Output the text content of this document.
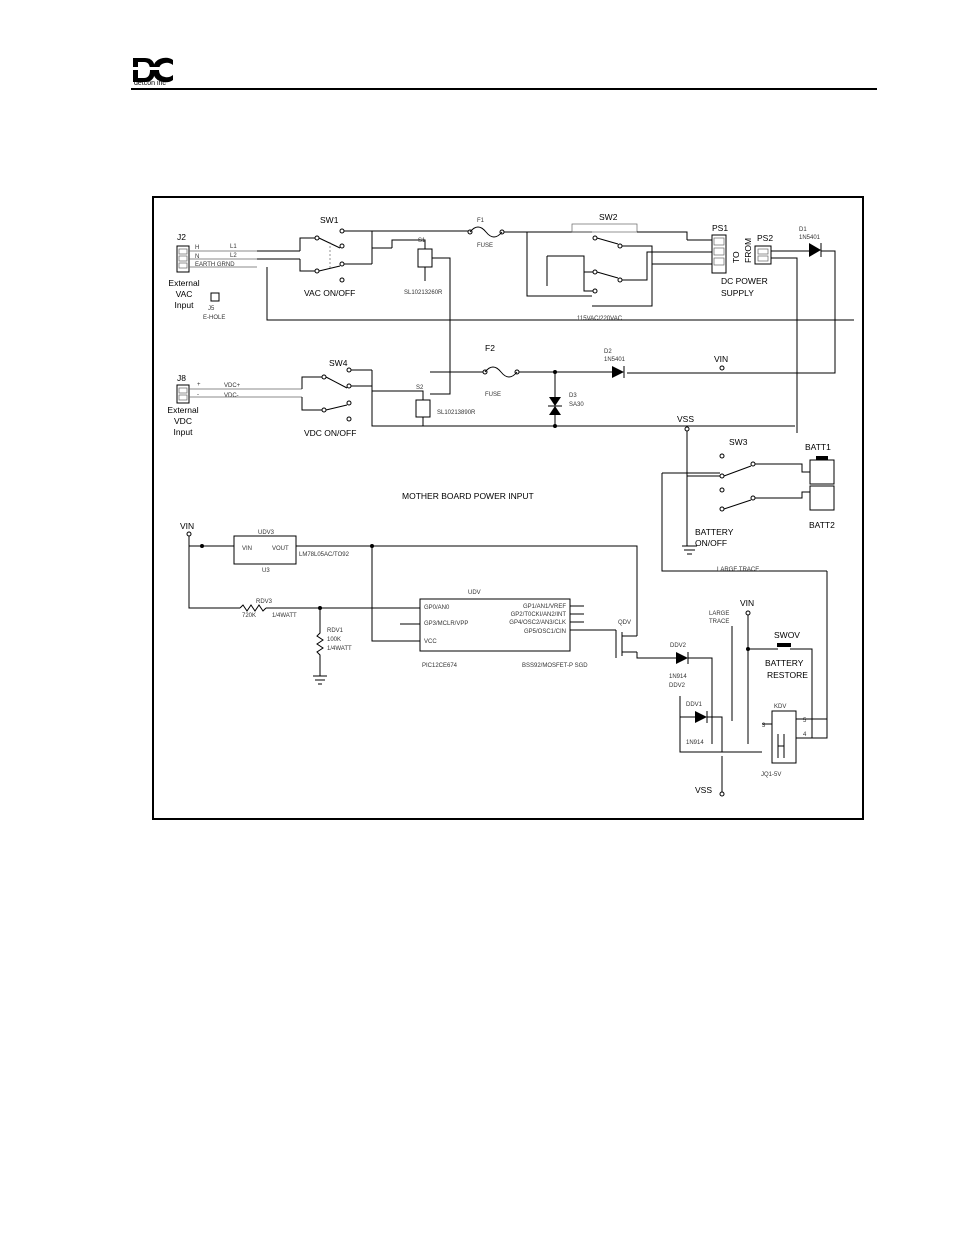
detcon inc
J2
External
VAC
Input
H
N
EARTH GRND
L1
L2
J5
E-HOLE
SW1
VAC ON/OFF
S1
SL10213260R
F1
FUSE
SW2
115VAC/220VAC
PS1
TO FROM PS2
DC POWER
SUPPLY
D1
1N5401
J8
External
VDC
Input
+
-
VDC+
VDC-
SW4
VDC ON/OFF
S2
SL10213890R
F2
FUSE
D2
1N5401	VIN
D3
SA30
VSS
SW3
BATTERY
ON/OFF
BATT1
BATT2
MOTHER BOARD POWER INPUT
VIN
UDV3
VIN	VOUT
U3
LM78L05AC/TO92
RDV3
720K	1/4WATT
RDV1
100K
1/4WATT
UDV
GP0/AN0
GP3/MCLR/VPP
VCC
GP1/AN1/VREF
GP2/T0CKI/AN2/INT
GP4/OSC2/AN3/CLK
GP5/OSC1/CIN
PIC12CE674
QDV
BSS92/MOSFET-P SGD
DDV2
1N914
DDV2
DDV1
1N914
LARGE TRACE
LARGE
TRACE
VIN
SWOV
BATTERY
RESTORE
KDV
3
5
4
JQ1-5V
VSS
